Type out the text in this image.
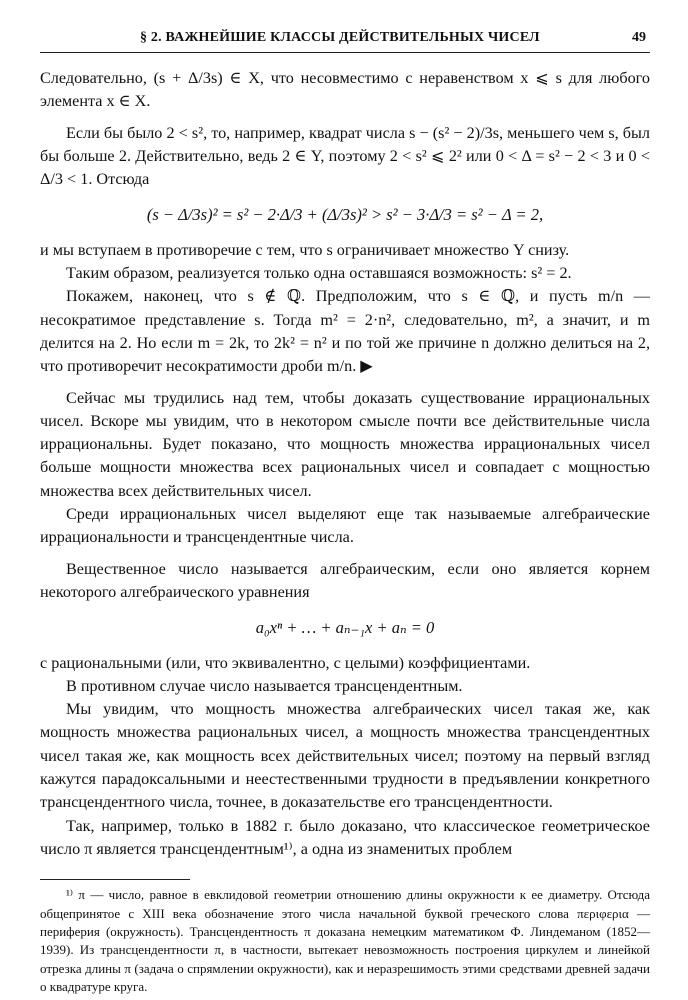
§ 2. ВАЖНЕЙШИЕ КЛАССЫ ДЕЙСТВИТЕЛЬНЫХ ЧИСЕЛ	49

Следовательно, (s + Δ/3s) ∈ X, что несовместимо с неравенством x ⩽ s для любого элемента x ∈ X.

Если бы было 2 < s², то, например, квадрат числа s − (s² − 2)/3s, меньшего чем s, был бы больше 2. Действительно, ведь 2 ∈ Y, поэтому 2 < s² ⩽ 2² или 0 < Δ = s² − 2 < 3 и 0 < Δ/3 < 1. Отсюда

(s − Δ/3s)² = s² − 2·Δ/3 + (Δ/3s)² > s² − 3·Δ/3 = s² − Δ = 2,

и мы вступаем в противоречие с тем, что s ограничивает множество Y снизу.

Таким образом, реализуется только одна оставшаяся возможность: s² = 2.

Покажем, наконец, что s ∉ ℚ. Предположим, что s ∈ ℚ, и пусть m/n — несократимое представление s. Тогда m² = 2·n², следовательно, m², а значит, и m делится на 2. Но если m = 2k, то 2k² = n² и по той же причине n должно делиться на 2, что противоречит несократимости дроби m/n. ▶

Сейчас мы трудились над тем, чтобы доказать существование иррациональных чисел. Вскоре мы увидим, что в некотором смысле почти все действительные числа иррациональны. Будет показано, что мощность множества иррациональных чисел больше мощности множества всех рациональных чисел и совпадает с мощностью множества всех действительных чисел.

Среди иррациональных чисел выделяют еще так называемые алгебраические иррациональности и трансцендентные числа.

Вещественное число называется алгебраическим, если оно является корнем некоторого алгебраического уравнения

a₀xⁿ + … + aₙ₋₁x + aₙ = 0

с рациональными (или, что эквивалентно, с целыми) коэффициентами.

В противном случае число называется трансцендентным.

Мы увидим, что мощность множества алгебраических чисел такая же, как мощность множества рациональных чисел, а мощность множества трансцендентных чисел такая же, как мощность всех действительных чисел; поэтому на первый взгляд кажутся парадоксальными и неестественными трудности в предъявлении конкретного трансцендентного числа, точнее, в доказательстве его трансцендентности.

Так, например, только в 1882 г. было доказано, что классическое геометрическое число π является трансцендентным¹⁾, а одна из знаменитых проблем

¹⁾ π — число, равное в евклидовой геометрии отношению длины окружности к ее диаметру. Отсюда общепринятое с XIII века обозначение этого числа начальной буквой греческого слова περιφερια — периферия (окружность). Трансцендентность π доказана немецким математиком Ф. Линдеманом (1852—1939). Из трансцендентности π, в частности, вытекает невозможность построения циркулем и линейкой отрезка длины π (задача о спрямлении окружности), как и неразрешимость этими средствами древней задачи о квадратуре круга.
